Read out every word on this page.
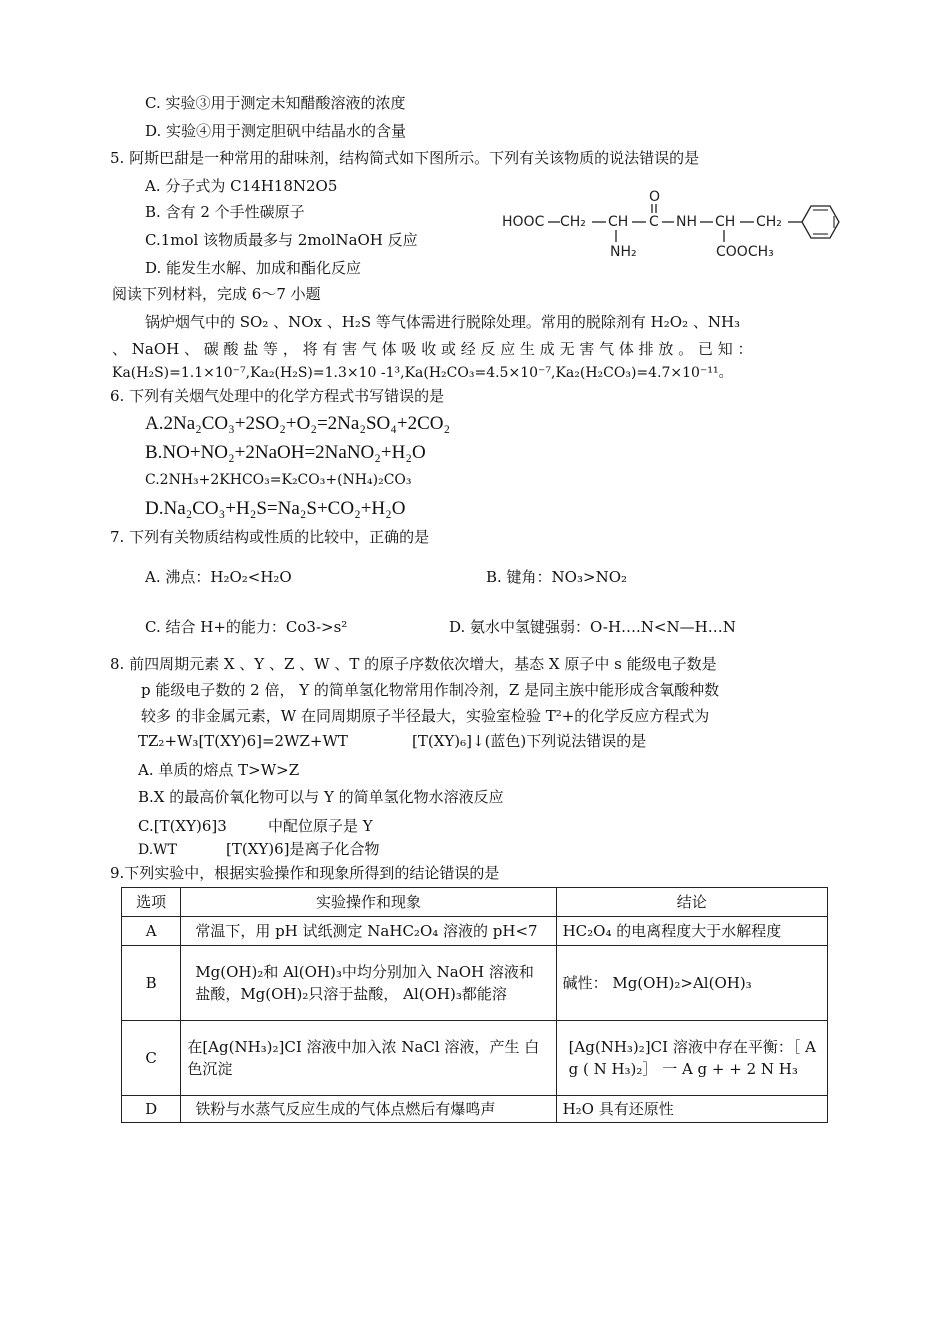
C. 实验③用于测定未知醋酸溶液的浓度
D. 实验④用于测定胆矾中结晶水的含量
5. 阿斯巴甜是一种常用的甜味剂，结构简式如下图所示。下列有关该物质的说法错误的是
A. 分子式为 C14H18N2O5
B. 含有 2 个手性碳原子
C.1mol 该物质最多与 2molNaOH 反应
D. 能发生水解、加成和酯化反应
HOOC CH₂ CH
NH₂
C
O
NH CH
COOCH₃
CH₂
阅读下列材料，完成 6～7 小题
锅炉烟气中的 SO₂ 、NOx 、H₂S 等气体需进行脱除处理。常用的脱除剂有 H₂O₂ 、NH₃
、 NaOH 、 碳 酸 盐 等 ， 将 有 害 气 体 吸 收 或 经 反 应 生 成 无 害 气 体 排 放 。 已 知 ：
Ka(H₂S)=1.1×10⁻⁷,Ka₂(H₂S)=1.3×10 -1³,Ka(H₂CO₃=4.5×10⁻⁷,Ka₂(H₂CO₃)=4.7×10⁻¹¹。
6. 下列有关烟气处理中的化学方程式书写错误的是
A.2Na₂CO₃+2SO₂+O₂=2Na₂SO₄+2CO₂
B.NO+NO₂+2NaOH=2NaNO₂+H₂O
C.2NH₃+2KHCO₃=K₂CO₃+(NH₄)₂CO₃
D.Na₂CO₃+H₂S=Na₂S+CO₂+H₂O
7. 下列有关物质结构或性质的比较中，正确的是
A. 沸点：H₂O₂<H₂O	B. 键角：NO₃>NO₂
C. 结合 H+的能力：Co3->s²	D. 氨水中氢键强弱：O-H….N<N—H…N
8. 前四周期元素 X 、Y 、Z 、W 、T 的原子序数依次增大，基态 X 原子中 s 能级电子数是
p 能级电子数的 2 倍， Y 的简单氢化物常用作制冷剂，Z 是同主族中能形成含氧酸种数
较多 的非金属元素，W 在同周期原子半径最大，实验室检验 T²+的化学反应方程式为
TZ₂+W₃[T(XY)6]=2WZ+WT	[T(XY)₆]↓(蓝色)下列说法错误的是
A. 单质的熔点 T>W>Z
B.X 的最高价氧化物可以与 Y 的简单氢化物水溶液反应
C.[T(XY)6]3	中配位原子是 Y
D.WT	[T(XY)6]是离子化合物
9.下列实验中，根据实验操作和现象所得到的结论错误的是
选项	实验操作和现象	结论
A	常温下，用 pH 试纸测定 NaHC₂O₄ 溶液的 pH<7	HC₂O₄ 的电离程度大于水解程度
B	Mg(OH)₂和 Al(OH)₃中均分别加入 NaOH 溶液和 盐酸，Mg(OH)₂只溶于盐酸， Al(OH)₃都能溶	碱性： Mg(OH)₂>Al(OH)₃
C	在[Ag(NH₃)₂]CI 溶液中加入浓 NaCl 溶液，产生 白色沉淀	[Ag(NH₃)₂]CI 溶液中存在平衡：［ A g ( N H₃)₂］ 一 A g + + 2 N H₃
D	铁粉与水蒸气反应生成的气体点燃后有爆鸣声	H₂O 具有还原性
